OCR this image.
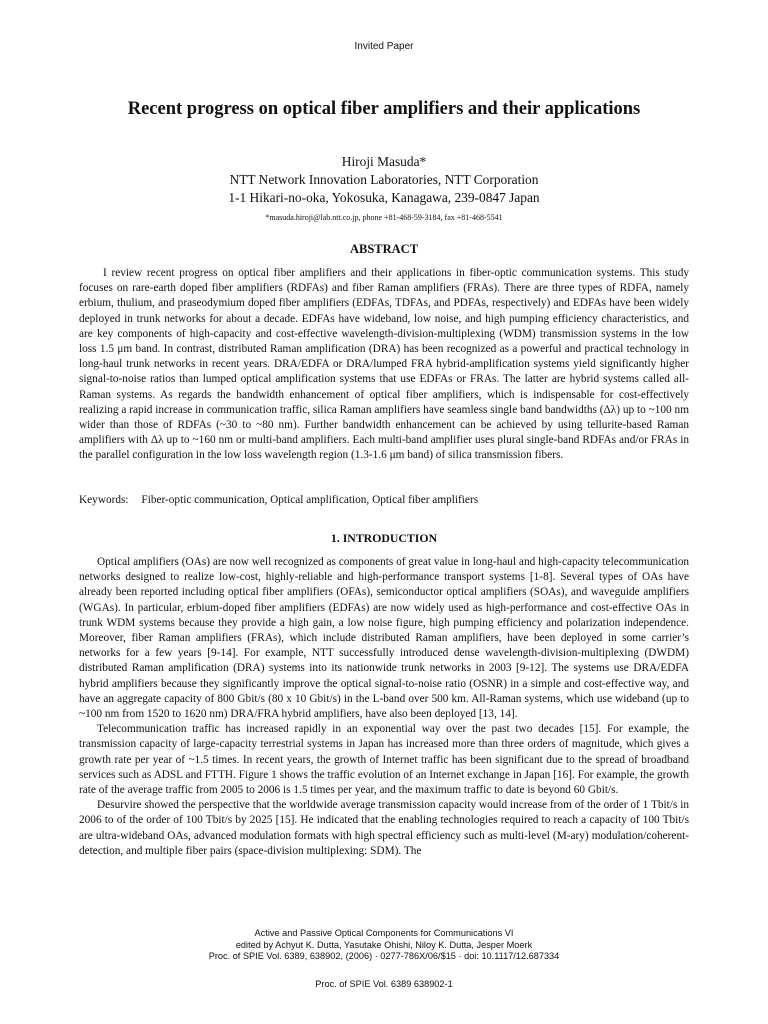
Invited Paper
Recent progress on optical fiber amplifiers and their applications
Hiroji Masuda*
NTT Network Innovation Laboratories, NTT Corporation
1-1 Hikari-no-oka, Yokosuka, Kanagawa, 239-0847 Japan
*masuda.hiroji@lab.ntt.co.jp, phone +81-468-59-3184, fax +81-468-5541
ABSTRACT

I review recent progress on optical fiber amplifiers and their applications in fiber-optic communication systems. This study focuses on rare-earth doped fiber amplifiers (RDFAs) and fiber Raman amplifiers (FRAs). There are three types of RDFA, namely erbium, thulium, and praseodymium doped fiber amplifiers (EDFAs, TDFAs, and PDFAs, respectively) and EDFAs have been widely deployed in trunk networks for about a decade. EDFAs have wideband, low noise, and high pumping efficiency characteristics, and are key components of high-capacity and cost-effective wavelength-division-multiplexing (WDM) transmission systems in the low loss 1.5 μm band. In contrast, distributed Raman amplification (DRA) has been recognized as a powerful and practical technology in long-haul trunk networks in recent years. DRA/EDFA or DRA/lumped FRA hybrid-amplification systems yield significantly higher signal-to-noise ratios than lumped optical amplification systems that use EDFAs or FRAs. The latter are hybrid systems called all-Raman systems. As regards the bandwidth enhancement of optical fiber amplifiers, which is indispensable for cost-effectively realizing a rapid increase in communication traffic, silica Raman amplifiers have seamless single band bandwidths (Δλ) up to ~100 nm wider than those of RDFAs (~30 to ~80 nm). Further bandwidth enhancement can be achieved by using tellurite-based Raman amplifiers with Δλ up to ~160 nm or multi-band amplifiers. Each multi-band amplifier uses plural single-band RDFAs and/or FRAs in the parallel configuration in the low loss wavelength region (1.3-1.6 μm band) of silica transmission fibers.

Keywords: Fiber-optic communication, Optical amplification, Optical fiber amplifiers
1. INTRODUCTION

Optical amplifiers (OAs) are now well recognized as components of great value in long-haul and high-capacity telecommunication networks designed to realize low-cost, highly-reliable and high-performance transport systems [1-8]. Several types of OAs have already been reported including optical fiber amplifiers (OFAs), semiconductor optical amplifiers (SOAs), and waveguide amplifiers (WGAs). In particular, erbium-doped fiber amplifiers (EDFAs) are now widely used as high-performance and cost-effective OAs in trunk WDM systems because they provide a high gain, a low noise figure, high pumping efficiency and polarization independence. Moreover, fiber Raman amplifiers (FRAs), which include distributed Raman amplifiers, have been deployed in some carrier’s networks for a few years [9-14]. For example, NTT successfully introduced dense wavelength-division-multiplexing (DWDM) distributed Raman amplification (DRA) systems into its nationwide trunk networks in 2003 [9-12]. The systems use DRA/EDFA hybrid amplifiers because they significantly improve the optical signal-to-noise ratio (OSNR) in a simple and cost-effective way, and have an aggregate capacity of 800 Gbit/s (80 x 10 Gbit/s) in the L-band over 500 km. All-Raman systems, which use wideband (up to ~100 nm from 1520 to 1620 nm) DRA/FRA hybrid amplifiers, have also been deployed [13, 14].

Telecommunication traffic has increased rapidly in an exponential way over the past two decades [15]. For example, the transmission capacity of large-capacity terrestrial systems in Japan has increased more than three orders of magnitude, which gives a growth rate per year of ~1.5 times. In recent years, the growth of Internet traffic has been significant due to the spread of broadband services such as ADSL and FTTH. Figure 1 shows the traffic evolution of an Internet exchange in Japan [16]. For example, the growth rate of the average traffic from 2005 to 2006 is 1.5 times per year, and the maximum traffic to date is beyond 60 Gbit/s.

Desurvire showed the perspective that the worldwide average transmission capacity would increase from of the order of 1 Tbit/s in 2006 to of the order of 100 Tbit/s by 2025 [15]. He indicated that the enabling technologies required to reach a capacity of 100 Tbit/s are ultra-wideband OAs, advanced modulation formats with high spectral efficiency such as multi-level (M-ary) modulation/coherent-detection, and multiple fiber pairs (space-division multiplexing: SDM). The

Active and Passive Optical Components for Communications VI
edited by Achyut K. Dutta, Yasutake Ohishi, Niloy K. Dutta, Jesper Moerk
Proc. of SPIE Vol. 6389, 638902, (2006) · 0277-786X/06/$15 · doi: 10.1117/12.687334
Proc. of SPIE Vol. 6389 638902-1
